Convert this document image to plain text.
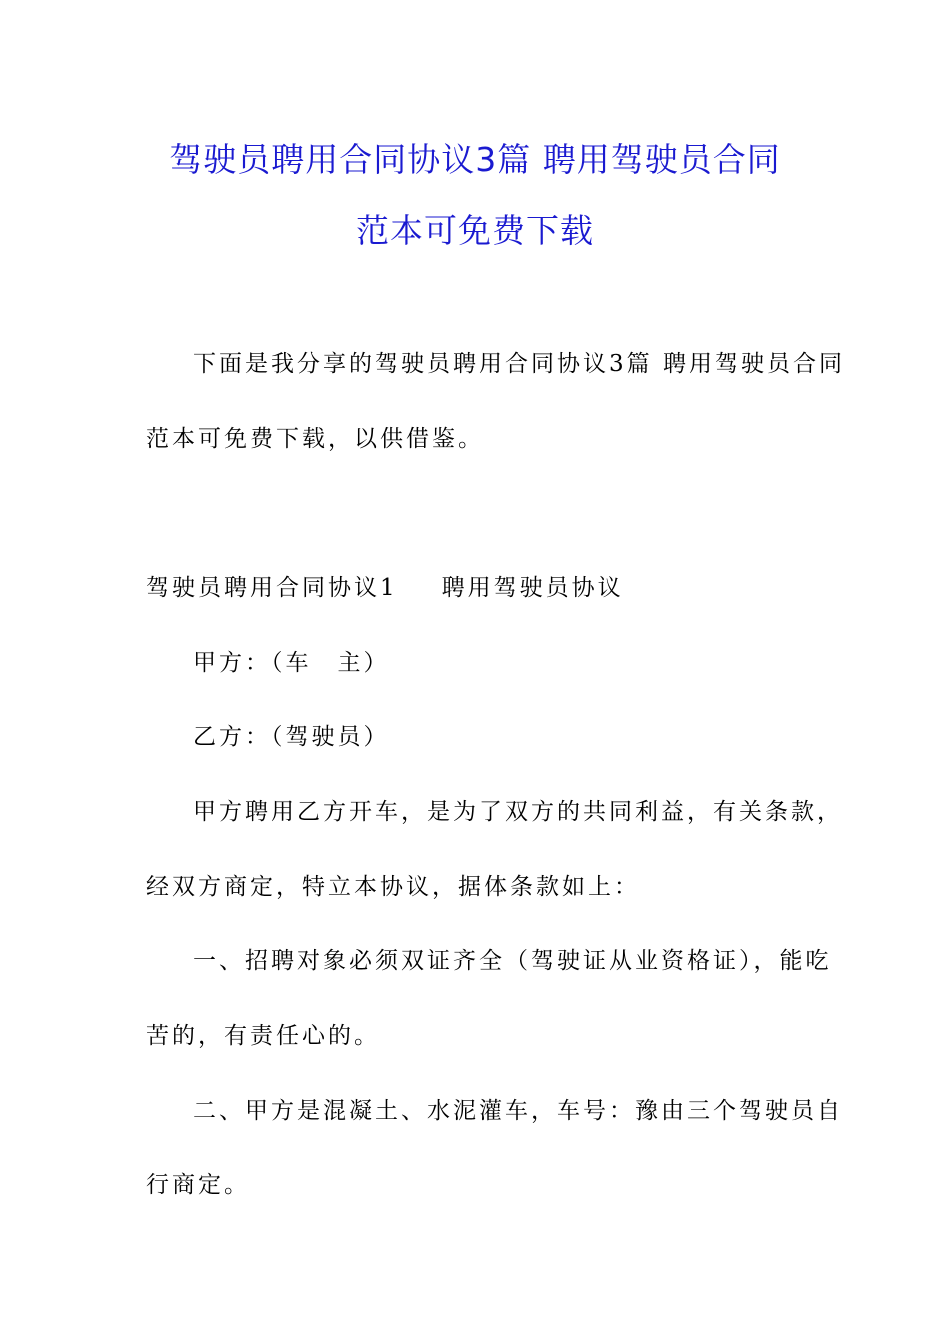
驾驶员聘用合同协议3篇 聘用驾驶员合同
范本可免费下载
下面是我分享的驾驶员聘用合同协议3篇 聘用驾驶员合同
范本可免费下载，以供借鉴。
驾驶员聘用合同协议1 聘用驾驶员协议
甲方：（车　主）
乙方：（驾驶员）
甲方聘用乙方开车，是为了双方的共同利益，有关条款，
经双方商定，特立本协议，据体条款如上：
一、招聘对象必须双证齐全（驾驶证从业资格证），能吃
苦的，有责任心的。
二、甲方是混凝土、水泥灌车，车号：豫由三个驾驶员自
行商定。
